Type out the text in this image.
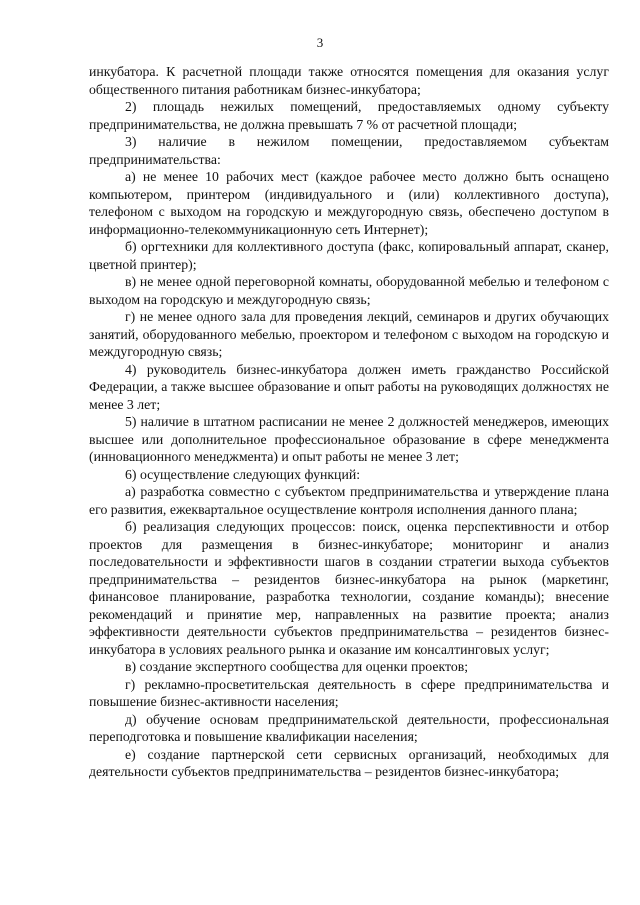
3

инкубатора. К расчетной площади также относятся помещения для оказания услуг общественного питания работникам бизнес-инкубатора;

2) площадь нежилых помещений, предоставляемых одному субъекту предпринимательства, не должна превышать 7 % от расчетной площади;

3) наличие в нежилом помещении, предоставляемом субъектам предпринимательства:

а) не менее 10 рабочих мест (каждое рабочее место должно быть оснащено компьютером, принтером (индивидуального и (или) коллективного доступа), телефоном с выходом на городскую и междугородную связь, обеспечено доступом в информационно-телекоммуникационную сеть Интернет);

б) оргтехники для коллективного доступа (факс, копировальный аппарат, сканер, цветной принтер);

в) не менее одной переговорной комнаты, оборудованной мебелью и телефоном с выходом на городскую и междугородную связь;

г) не менее одного зала для проведения лекций, семинаров и других обучающих занятий, оборудованного мебелью, проектором и телефоном с выходом на городскую и междугородную связь;

4) руководитель бизнес-инкубатора должен иметь гражданство Российской Федерации, а также высшее образование и опыт работы на руководящих должностях не менее 3 лет;

5) наличие в штатном расписании не менее 2 должностей менеджеров, имеющих высшее или дополнительное профессиональное образование в сфере менеджмента (инновационного менеджмента) и опыт работы не менее 3 лет;

6) осуществление следующих функций:

а) разработка совместно с субъектом предпринимательства и утверждение плана его развития, ежеквартальное осуществление контроля исполнения данного плана;

б) реализация следующих процессов: поиск, оценка перспективности и отбор проектов для размещения в бизнес-инкубаторе; мониторинг и анализ последовательности и эффективности шагов в создании стратегии выхода субъектов предпринимательства – резидентов бизнес-инкубатора на рынок (маркетинг, финансовое планирование, разработка технологии, создание команды); внесение рекомендаций и принятие мер, направленных на развитие проекта; анализ эффективности деятельности субъектов предпринимательства – резидентов бизнес-инкубатора в условиях реального рынка и оказание им консалтинговых услуг;

в) создание экспертного сообщества для оценки проектов;

г) рекламно-просветительская деятельность в сфере предпринимательства и повышение бизнес-активности населения;

д) обучение основам предпринимательской деятельности, профессиональная переподготовка и повышение квалификации населения;

е) создание партнерской сети сервисных организаций, необходимых для деятельности субъектов предпринимательства – резидентов бизнес-инкубатора;
